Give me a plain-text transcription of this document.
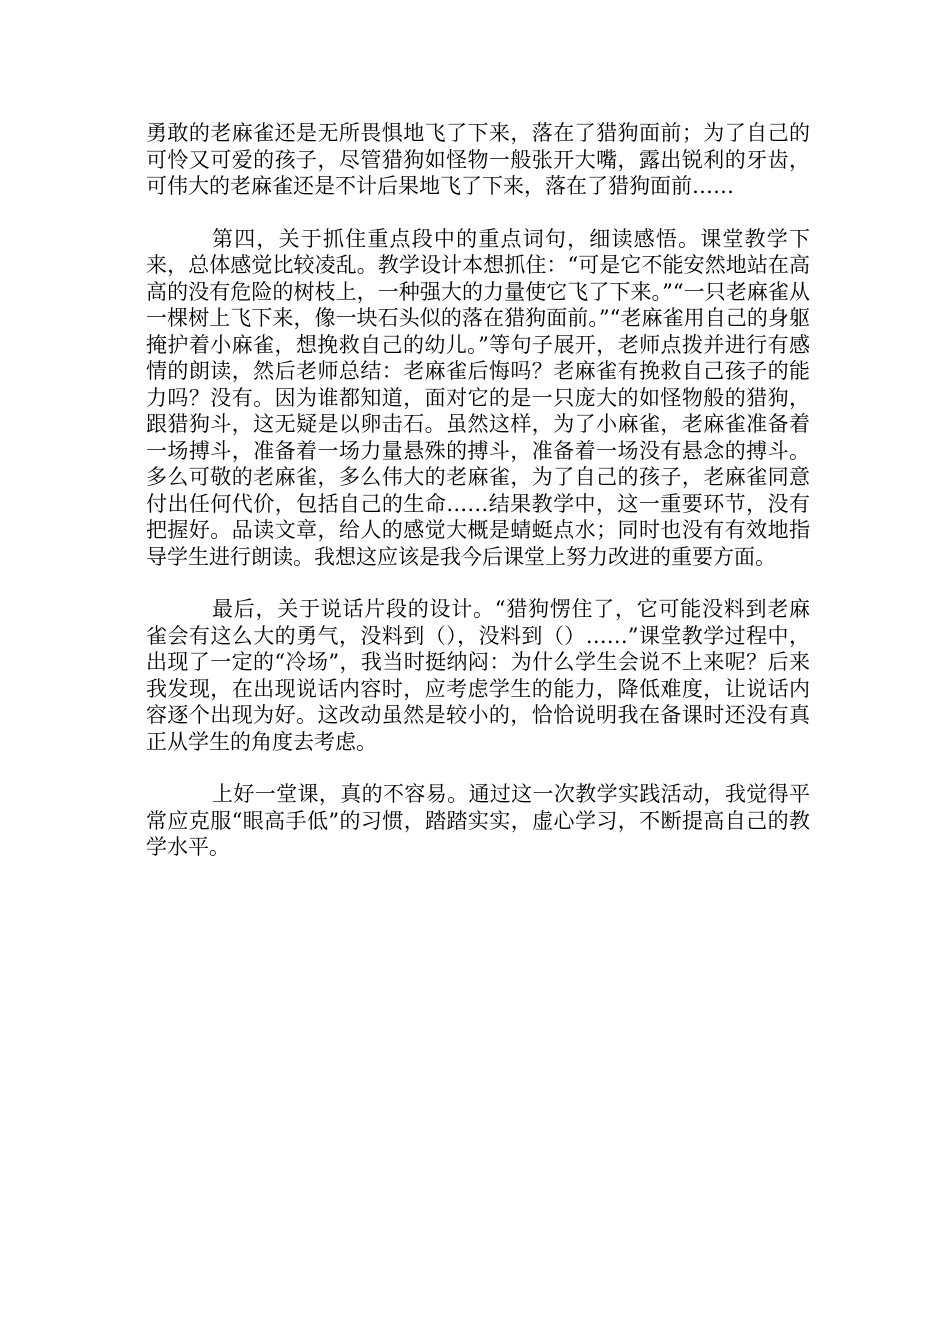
勇敢的老麻雀还是无所畏惧地飞了下来，落在了猎狗面前；为了自己的可怜又可爱的孩子，尽管猎狗如怪物一般张开大嘴，露出锐利的牙齿，可伟大的老麻雀还是不计后果地飞了下来，落在了猎狗面前……

第四，关于抓住重点段中的重点词句，细读感悟。课堂教学下来，总体感觉比较凌乱。教学设计本想抓住：“可是它不能安然地站在高高的没有危险的树枝上，一种强大的力量使它飞了下来。”“一只老麻雀从一棵树上飞下来，像一块石头似的落在猎狗面前。”“老麻雀用自己的身躯掩护着小麻雀，想挽救自己的幼儿。”等句子展开，老师点拨并进行有感情的朗读，然后老师总结：老麻雀后悔吗？老麻雀有挽救自己孩子的能力吗？没有。因为谁都知道，面对它的是一只庞大的如怪物般的猎狗，跟猎狗斗，这无疑是以卵击石。虽然这样，为了小麻雀，老麻雀准备着一场搏斗，准备着一场力量悬殊的搏斗，准备着一场没有悬念的搏斗。多么可敬的老麻雀，多么伟大的老麻雀，为了自己的孩子，老麻雀同意付出任何代价，包括自己的生命……结果教学中，这一重要环节，没有把握好。品读文章，给人的感觉大概是蜻蜓点水；同时也没有有效地指导学生进行朗读。我想这应该是我今后课堂上努力改进的重要方面。

最后，关于说话片段的设计。“猎狗愣住了，它可能没料到老麻雀会有这么大的勇气，没料到（），没料到（）……”课堂教学过程中，出现了一定的“冷场”，我当时挺纳闷：为什么学生会说不上来呢？后来我发现，在出现说话内容时，应考虑学生的能力，降低难度，让说话内容逐个出现为好。这改动虽然是较小的，恰恰说明我在备课时还没有真正从学生的角度去考虑。

上好一堂课，真的不容易。通过这一次教学实践活动，我觉得平常应克服“眼高手低”的习惯，踏踏实实，虚心学习，不断提高自己的教学水平。
